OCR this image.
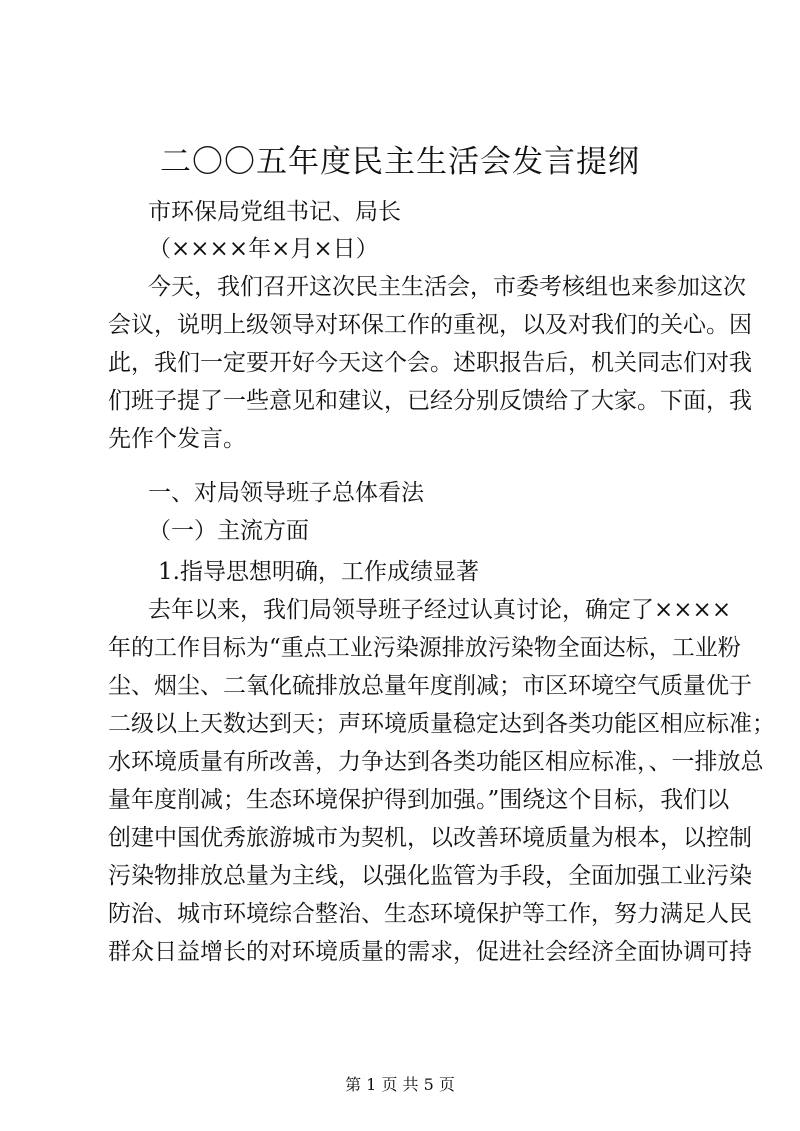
二〇〇五年度民主生活会发言提纲
市环保局党组书记、局长
（××××年×月×日）
今天，我们召开这次民主生活会，市委考核组也来参加这次
会议，说明上级领导对环保工作的重视，以及对我们的关心。因
此，我们一定要开好今天这个会。述职报告后，机关同志们对我
们班子提了一些意见和建议，已经分别反馈给了大家。下面，我
先作个发言。
一、对局领导班子总体看法
（一）主流方面
1.指导思想明确，工作成绩显著
去年以来，我们局领导班子经过认真讨论，确定了××××
年的工作目标为“重点工业污染源排放污染物全面达标，工业粉
尘、烟尘、二氧化硫排放总量年度削减；市区环境空气质量优于
二级以上天数达到天；声环境质量稳定达到各类功能区相应标准；
水环境质量有所改善，力争达到各类功能区相应标准，、一排放总
量年度削减；生态环境保护得到加强。”围绕这个目标，我们以
创建中国优秀旅游城市为契机，以改善环境质量为根本，以控制
污染物排放总量为主线，以强化监管为手段，全面加强工业污染
防治、城市环境综合整治、生态环境保护等工作，努力满足人民
群众日益增长的对环境质量的需求，促进社会经济全面协调可持
第 1 页 共 5 页
